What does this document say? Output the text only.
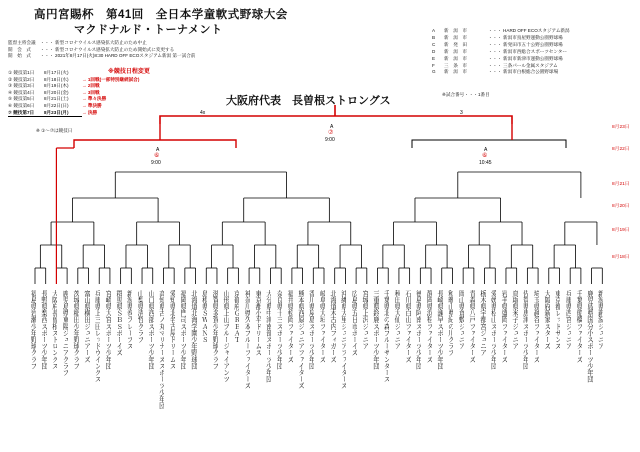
高円宮賜杯　第41回　全日本学童軟式野球大会
マクドナルド・トーナメント
監督主将会議 ・・・ 新型コロナウイルス感染拡大防止のため中止
開　会　式	・・・ 新型コロナウイルス感染拡大防止のため開始式に変更する
開　始　式	・・・ 2021年8月17日(火)8:30 HARD OFF ECOスタジアム新潟 第一試合前
※競技日程変更
① 競技第1日	8月17日(火)
② 競技第2日	8月18日(水)	→ 1回戦(一部特別継続試合)
③ 競技第3日	8月19日(木)	→ 2回戦
④ 競技第4日	8月20日(金)	→ 3回戦
⑤ 競技第5日	8月21日(土)	→ 準々決勝
⑥ 競技第6日	8月22日(日)	→ 準決勝
⑦ 競技第7日	8月23日(月)	→ 決勝
※ ①〜⑦は競技日
A	新　潟　市	・・・ HARD OFF ECOスタジアム新潟
B	新　潟　市	・・・ 新潟市鳥屋野運動公園野球場
C	新　発　田	・・・ 新発田市五十公野公園野球場
D	新　潟　市	・・・ 新潟市西総合スポーツセンター
E	新　潟　市	・・・ 新潟市新津市運動公園野球場
F	三　条　市	・・・ 三条パール金属スタジアム
G	新　潟　市	・・・ 新潟市白根総合公園野球場
※試合番号・・・1番目
大阪府代表　長曽根ストロングス
A
⑦
9:00
4x	3
A
⑥
9:00
A
⑥
10:45
8月23日
8月22日
8月21日
8月20日
8月19日
8月18日
福島県岩瀬少年野球クラブ 長野県梨西スポーツ少年団 大阪府長曽根ストロングス 鹿児島県東陽ジュニアクラブ 茨城県稲田少年野球クラブ 富山県横田ジュニアーズ 兵庫県上三田レッドウイングス 宮崎県大宮スポーツ少年団 群馬県ＳＢＳボーイズ 新潟県巻ブレーブス 山梨県清哲クラブ 山口県西部スポーツ少年団 高知県古ノ丸マリナーズスポーツ少年団 愛知県北名古屋ドリームス 福岡県門司スポーツ少年団 北海道北海学園少年野球団 島根県ＳＷＡＮＳ 滋賀県多賀少年野球クラブ 山形県上山ブルージャイアンツ 京都府ＧＲＥＡＴ 神奈川県久本ブルーファイターズ 東京都小平ドリームス 大分県中津南部スポーツ少年団 奈良県十三スポーツ少年団 福井県松岡ファイターズ 熊本県西原ジュニアファイターズ 香川県屋島スポーツ少年団 岐阜県大垣ファイターズ 北海道木古内フィガーズ 沖縄県大里ジュニアファイターズ 広島県五日市ボーイズ 宮城県上沢ジュニア 三重県鈴鹿スポーツ少年団 千葉県北の森ブルーサンダース 秋田県大仙ジュニア 石川県白山ファイターズ 徳島県阿南スポーツ少年団 静岡県浜松ファイターズ 長崎県諫早スポーツ少年団 和歌山県紀の川クラブ 岡山県倉敷ジュニア 青森県八戸ファイターズ 栃木県宇都宮ジュニア 愛媛県松山スポーツ少年団 岩手県盛岡ファイターズ 鳥取県米子ジュニア 佐賀県唐津スポーツ少年団 埼玉県越谷ファイターズ 大阪府新家スターズ 東京都レッドサンズ 兵庫県西宮ジュニア 千葉県船橋ファイターズ 鹿児島県国分小スポーツ少年団 新潟県新潟ジュニア
